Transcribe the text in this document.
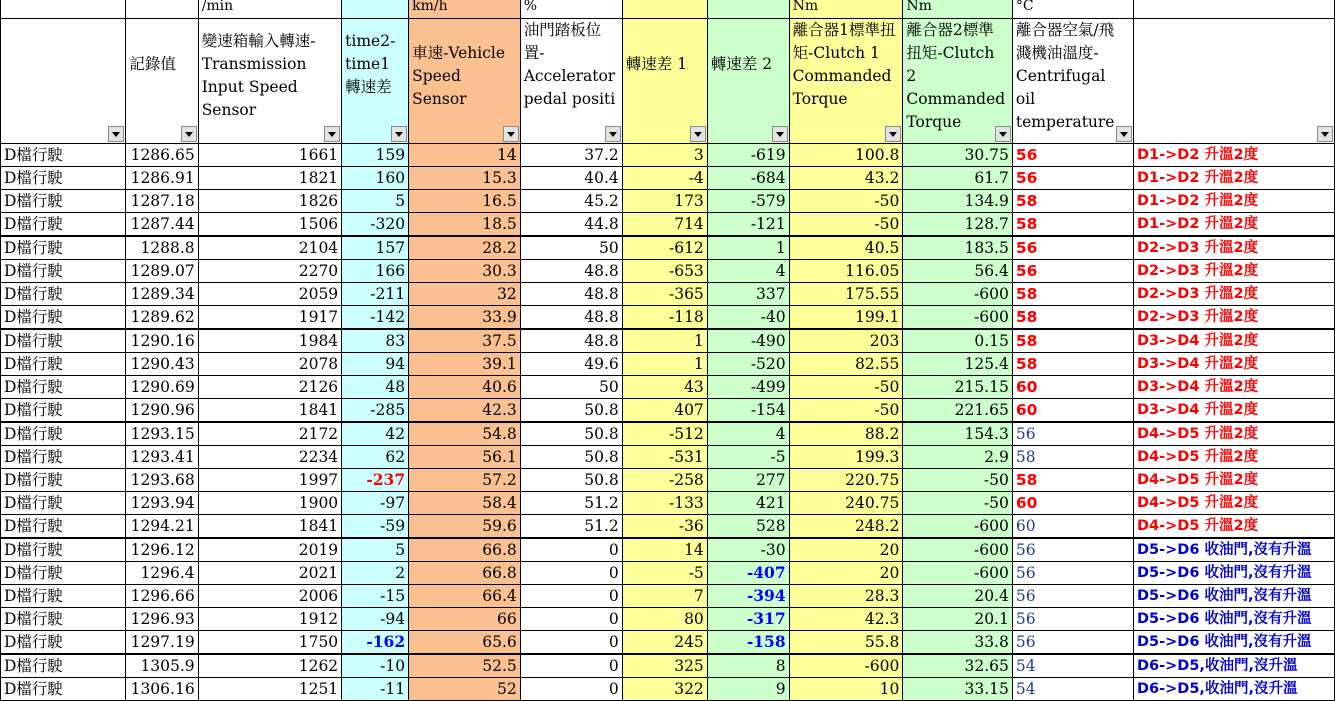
		/min		km/h	%			Nm	Nm	°C	

	記錄值	變速箱輸入轉速-Transmission Input Speed Sensor	time2-time1 轉速差	車速-Vehicle Speed Sensor	油門踏板位置-Accelerator pedal positi	轉速差 1	轉速差 2	離合器1標準扭矩-Clutch 1 Commanded Torque	離合器2標準扭矩-Clutch 2 Commanded Torque	離合器空氣/飛濺機油溫度-Centrifugal oil temperature	

D檔行駛	1286.65	1661	159	14	37.2	3	-619	100.8	30.75	56	D1->D2 升溫2度
D檔行駛	1286.91	1821	160	15.3	40.4	-4	-684	43.2	61.7	56	D1->D2 升溫2度
D檔行駛	1287.18	1826	5	16.5	45.2	173	-579	-50	134.9	58	D1->D2 升溫2度
D檔行駛	1287.44	1506	-320	18.5	44.8	714	-121	-50	128.7	58	D1->D2 升溫2度
D檔行駛	1288.8	2104	157	28.2	50	-612	1	40.5	183.5	56	D2->D3 升溫2度
D檔行駛	1289.07	2270	166	30.3	48.8	-653	4	116.05	56.4	56	D2->D3 升溫2度
D檔行駛	1289.34	2059	-211	32	48.8	-365	337	175.55	-600	58	D2->D3 升溫2度
D檔行駛	1289.62	1917	-142	33.9	48.8	-118	-40	199.1	-600	58	D2->D3 升溫2度
D檔行駛	1290.16	1984	83	37.5	48.8	1	-490	203	0.15	58	D3->D4 升溫2度
D檔行駛	1290.43	2078	94	39.1	49.6	1	-520	82.55	125.4	58	D3->D4 升溫2度
D檔行駛	1290.69	2126	48	40.6	50	43	-499	-50	215.15	60	D3->D4 升溫2度
D檔行駛	1290.96	1841	-285	42.3	50.8	407	-154	-50	221.65	60	D3->D4 升溫2度
D檔行駛	1293.15	2172	42	54.8	50.8	-512	4	88.2	154.3	56	D4->D5 升溫2度
D檔行駛	1293.41	2234	62	56.1	50.8	-531	-5	199.3	2.9	58	D4->D5 升溫2度
D檔行駛	1293.68	1997	-237	57.2	50.8	-258	277	220.75	-50	58	D4->D5 升溫2度
D檔行駛	1293.94	1900	-97	58.4	51.2	-133	421	240.75	-50	60	D4->D5 升溫2度
D檔行駛	1294.21	1841	-59	59.6	51.2	-36	528	248.2	-600	60	D4->D5 升溫2度
D檔行駛	1296.12	2019	5	66.8	0	14	-30	20	-600	56	D5->D6 收油門,沒有升溫
D檔行駛	1296.4	2021	2	66.8	0	-5	-407	20	-600	56	D5->D6 收油門,沒有升溫
D檔行駛	1296.66	2006	-15	66.4	0	7	-394	28.3	20.4	56	D5->D6 收油門,沒有升溫
D檔行駛	1296.93	1912	-94	66	0	80	-317	42.3	20.1	56	D5->D6 收油門,沒有升溫
D檔行駛	1297.19	1750	-162	65.6	0	245	-158	55.8	33.8	56	D5->D6 收油門,沒有升溫
D檔行駛	1305.9	1262	-10	52.5	0	325	8	-600	32.65	54	D6->D5,收油門,沒升溫
D檔行駛	1306.16	1251	-11	52	0	322	9	10	33.15	54	D6->D5,收油門,沒升溫
